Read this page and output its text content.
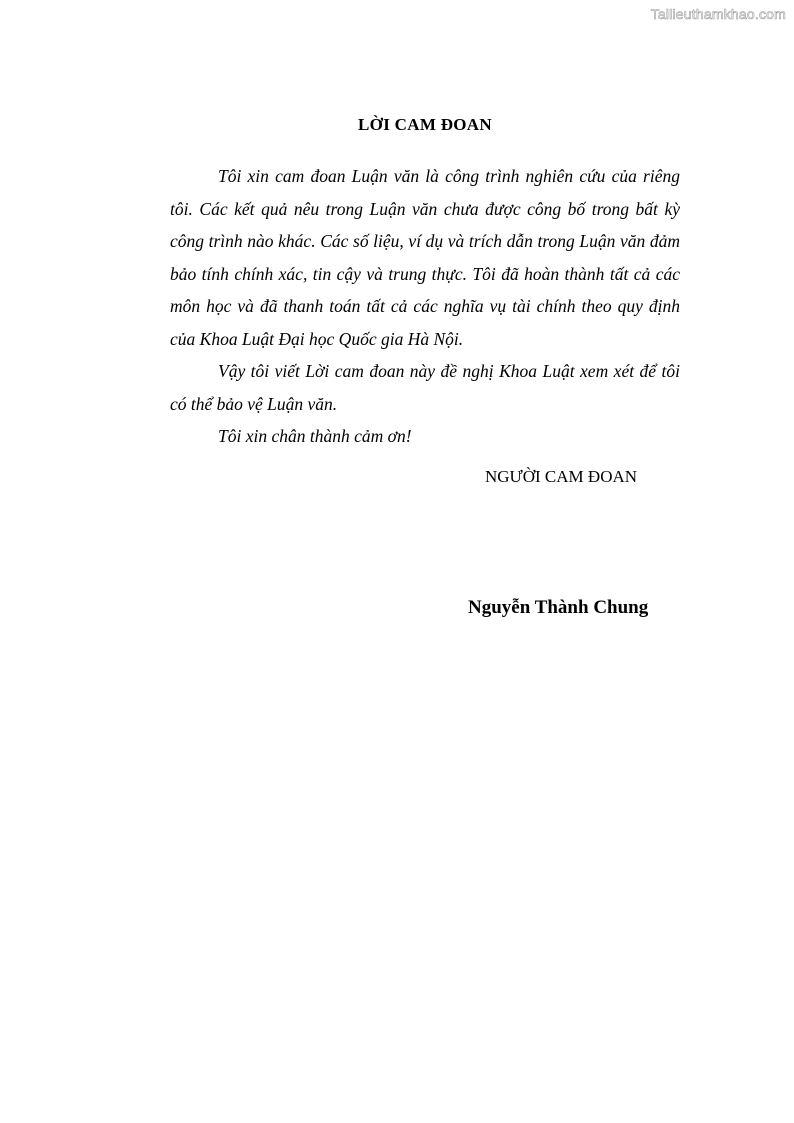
Tailieuthamkhao.com
LỜI CAM ĐOAN

Tôi xin cam đoan Luận văn là công trình nghiên cứu của riêng tôi. Các kết quả nêu trong Luận văn chưa được công bố trong bất kỳ công trình nào khác. Các số liệu, ví dụ và trích dẫn trong Luận văn đảm bảo tính chính xác, tin cậy và trung thực. Tôi đã hoàn thành tất cả các môn học và đã thanh toán tất cả các nghĩa vụ tài chính theo quy định của Khoa Luật Đại học Quốc gia Hà Nội.

Vậy tôi viết Lời cam đoan này đề nghị Khoa Luật xem xét để tôi có thể bảo vệ Luận văn.

Tôi xin chân thành cảm ơn!

NGƯỜI CAM ĐOAN
Nguyễn Thành Chung
